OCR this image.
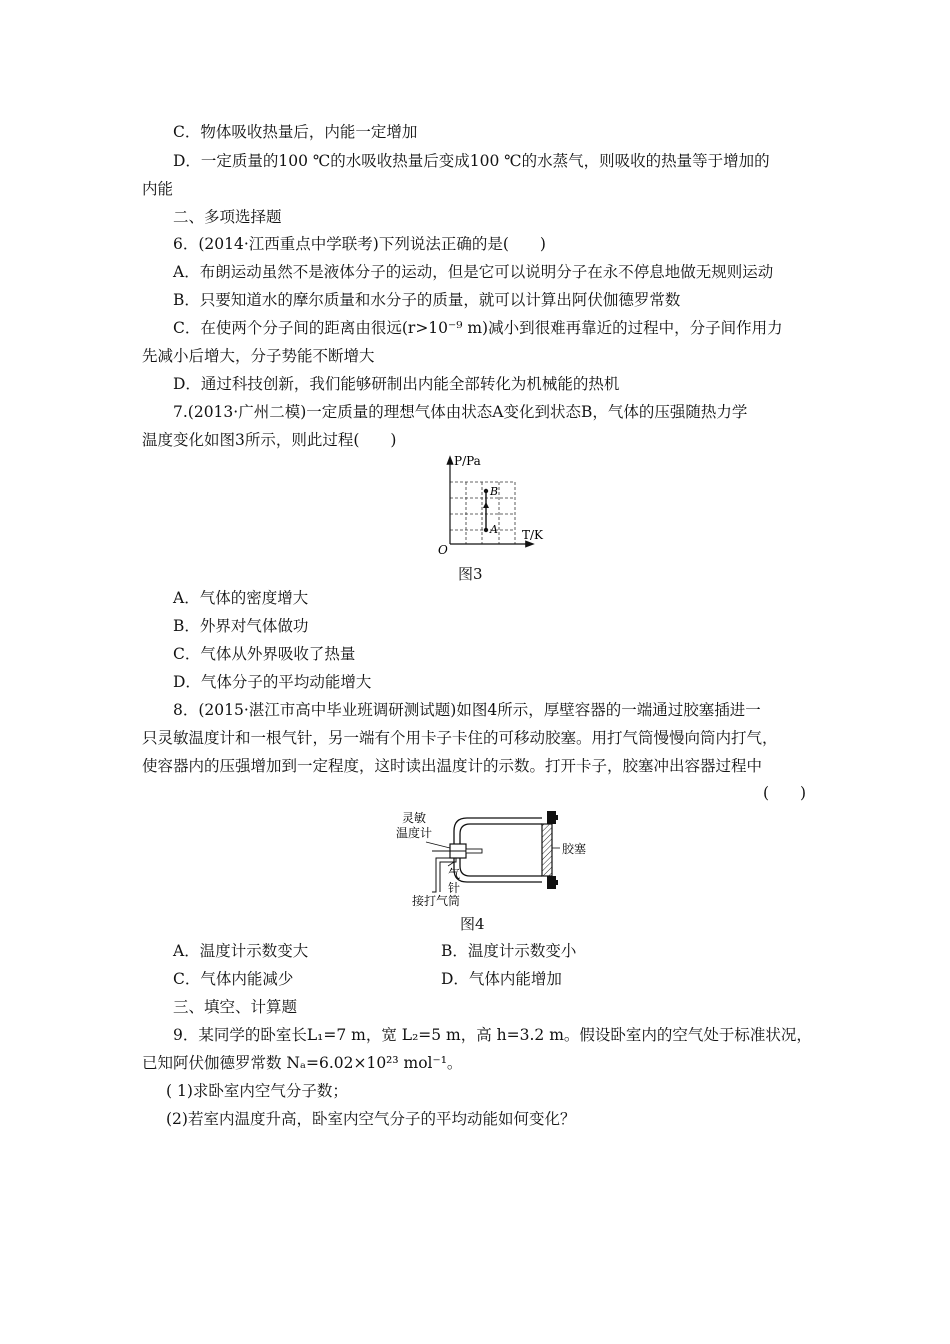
C．物体吸收热量后，内能一定增加
D．一定质量的100 ℃的水吸收热量后变成100 ℃的水蒸气，则吸收的热量等于增加的
内能
二、多项选择题
6．(2014·江西重点中学联考)下列说法正确的是(　　)
A．布朗运动虽然不是液体分子的运动，但是它可以说明分子在永不停息地做无规则运动
B．只要知道水的摩尔质量和水分子的质量，就可以计算出阿伏伽德罗常数
C．在使两个分子间的距离由很远(r>10⁻⁹ m)减小到很难再靠近的过程中，分子间作用力
先减小后增大，分子势能不断增大
D．通过科技创新，我们能够研制出内能全部转化为机械能的热机
7.(2013·广州二模)一定质量的理想气体由状态A变化到状态B，气体的压强随热力学
温度变化如图3所示，则此过程(　　)
P/Pa
T/K
O
A
B
图3
A．气体的密度增大
B．外界对气体做功
C．气体从外界吸收了热量
D．气体分子的平均动能增大
8．(2015·湛江市高中毕业班调研测试题)如图4所示，厚壁容器的一端通过胶塞插进一
只灵敏温度计和一根气针，另一端有个用卡子卡住的可移动胶塞。用打气筒慢慢向筒内打气，
使容器内的压强增加到一定程度，这时读出温度计的示数。打开卡子，胶塞冲出容器过程中
(　　)
灵敏
温度计
气
针
接打气筒
胶塞
图4
A．温度计示数变大	B．温度计示数变小
C．气体内能减少	D．气体内能增加
三、填空、计算题
9．某同学的卧室长L₁=7 m，宽 L₂=5 m，高 h=3.2 m。假设卧室内的空气处于标准状况，
已知阿伏伽德罗常数 Nₐ=6.02×10²³ mol⁻¹。
( 1)求卧室内空气分子数；
(2)若室内温度升高，卧室内空气分子的平均动能如何变化？
